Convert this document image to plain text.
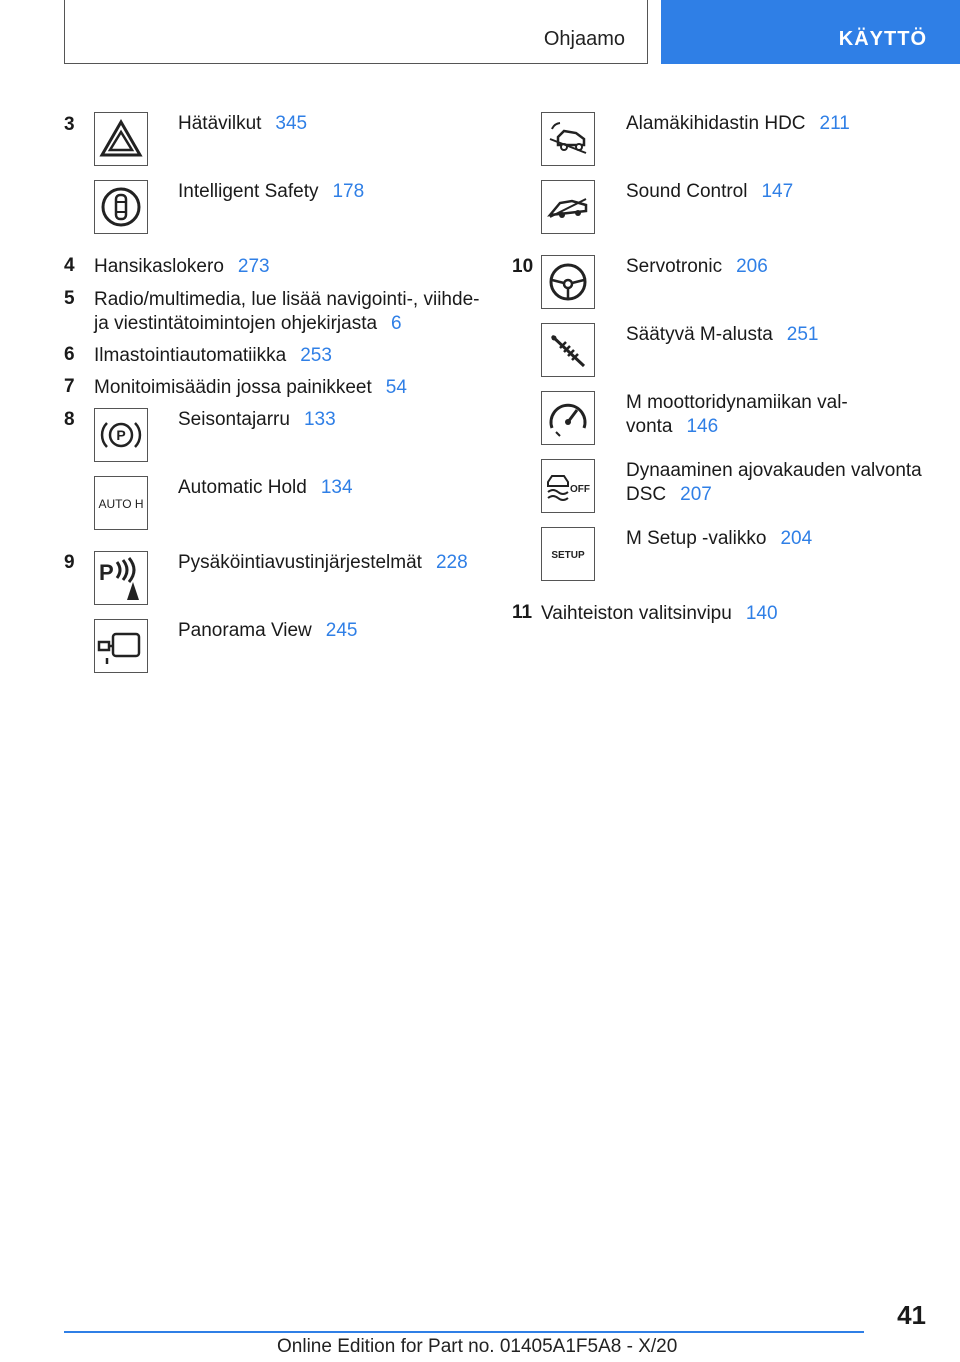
Ohjaamo	KÄYTTÖ
3	Hätävilkut 345
Intelligent Safety 178
4 Hansikaslokero 273
5 Radio/multimedia, lue lisää navigointi-, viihde-
ja viestintätoimintojen ohjekirjasta 6
6 Ilmastointiautomatiikka 253
7 Monitoimisäädin jossa painikkeet 54
8
P
Seisontajarru 133
AUTO H
Automatic Hold 134
9 P	Pysäköintiavustinjärjestelmät 228
Panorama View 245
Alamäkihidastin HDC 211
Sound Control 147
10	Servotronic 206
Säätyvä M-alusta 251
M moottoridynamiikan val-
vonta 146
OFF
Dynaaminen ajovakauden valvonta
DSC 207
SETUP
M Setup -valikko 204
11 Vaihteiston valitsinvipu 140
41
Online Edition for Part no. 01405A1F5A8 - X/20
